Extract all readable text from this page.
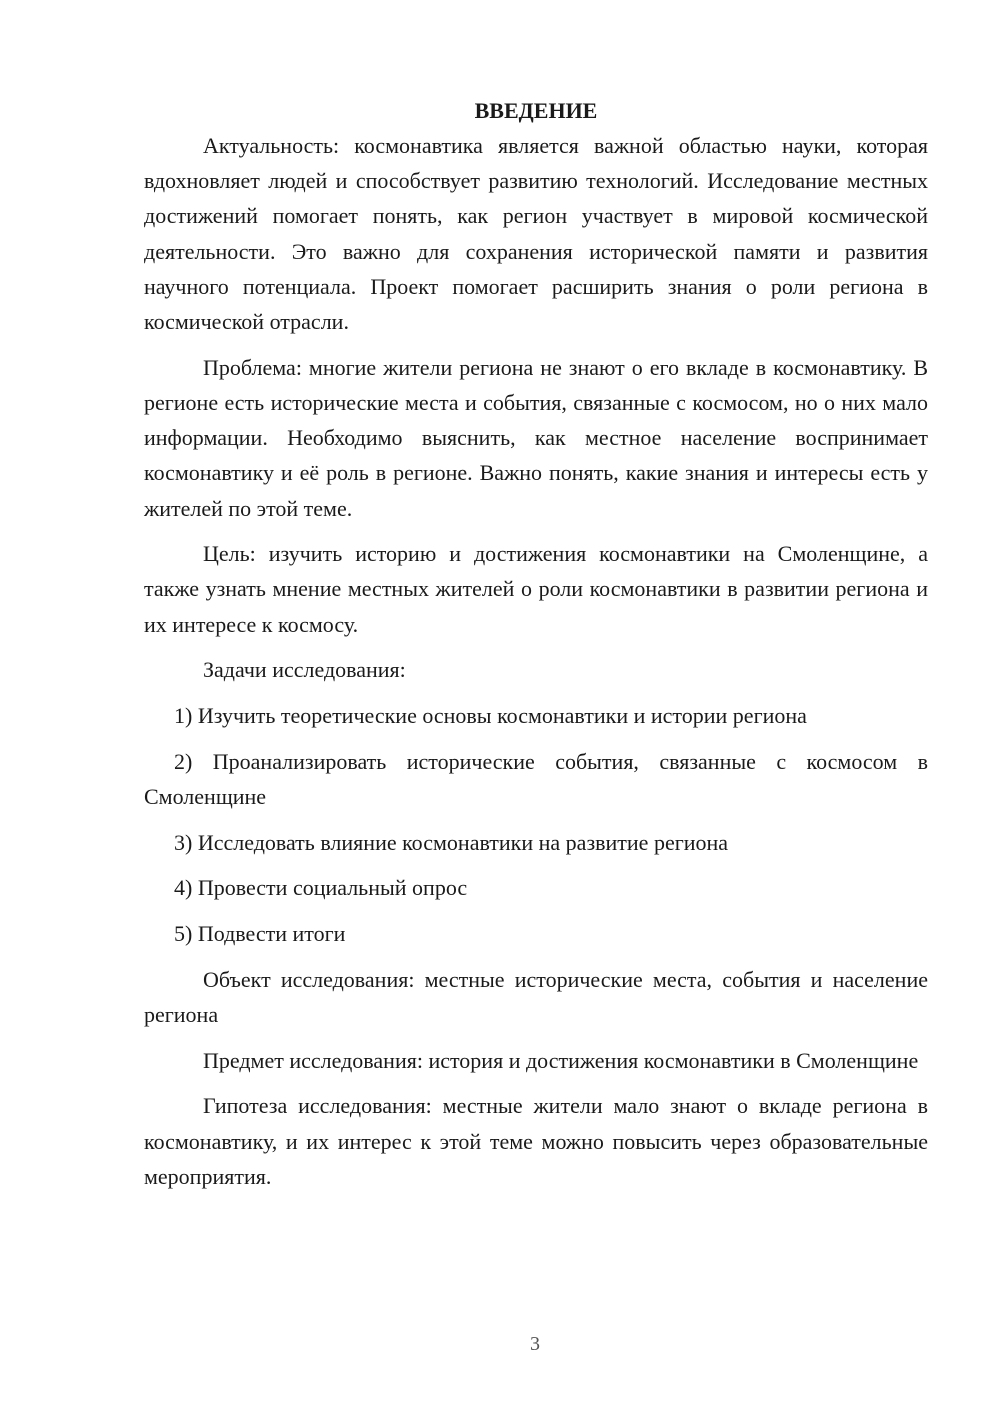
ВВЕДЕНИЕ

Актуальность: космонавтика является важной областью науки, которая вдохновляет людей и способствует развитию технологий. Исследование местных достижений помогает понять, как регион участвует в мировой космической деятельности. Это важно для сохранения исторической памяти и развития научного потенциала. Проект помогает расширить знания о роли региона в космической отрасли.

Проблема: многие жители региона не знают о его вкладе в космонавтику. В регионе есть исторические места и события, связанные с космосом, но о них мало информации. Необходимо выяснить, как местное население воспринимает космонавтику и её роль в регионе. Важно понять, какие знания и интересы есть у жителей по этой теме.

Цель: изучить историю и достижения космонавтики на Смоленщине, а также узнать мнение местных жителей о роли космонавтики в развитии региона и их интересе к космосу.

Задачи исследования:

1) Изучить теоретические основы космонавтики и истории региона

2) Проанализировать исторические события, связанные с космосом в Смоленщине

3) Исследовать влияние космонавтики на развитие региона

4) Провести социальный опрос

5) Подвести итоги

Объект исследования: местные исторические места, события и население региона

Предмет исследования: история и достижения космонавтики в Смоленщине

Гипотеза исследования: местные жители мало знают о вкладе региона в космонавтику, и их интерес к этой теме можно повысить через образовательные мероприятия.

3
